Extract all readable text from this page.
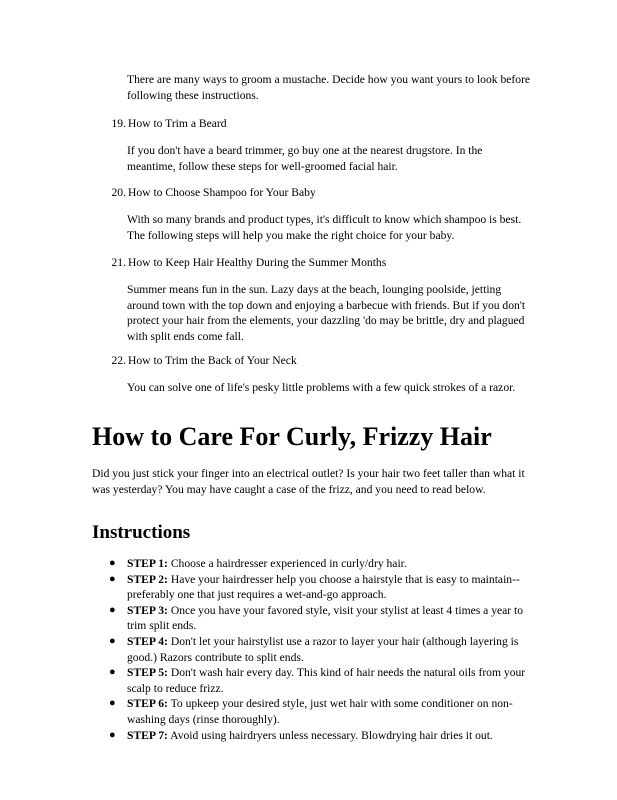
There are many ways to groom a mustache. Decide how you want yours to look before following these instructions.

19. How to Trim a Beard

If you don't have a beard trimmer, go buy one at the nearest drugstore. In the meantime, follow these steps for well-groomed facial hair.

20. How to Choose Shampoo for Your Baby

With so many brands and product types, it's difficult to know which shampoo is best. The following steps will help you make the right choice for your baby.

21. How to Keep Hair Healthy During the Summer Months

Summer means fun in the sun. Lazy days at the beach, lounging poolside, jetting around town with the top down and enjoying a barbecue with friends. But if you don't protect your hair from the elements, your dazzling 'do may be brittle, dry and plagued with split ends come fall.

22. How to Trim the Back of Your Neck

You can solve one of life's pesky little problems with a few quick strokes of a razor.

How to Care For Curly, Frizzy Hair

Did you just stick your finger into an electrical outlet? Is your hair two feet taller than what it was yesterday? You may have caught a case of the frizz, and you need to read below.

Instructions
● STEP 1: Choose a hairdresser experienced in curly/dry hair.
● STEP 2: Have your hairdresser help you choose a hairstyle that is easy to maintain--preferably one that just requires a wet-and-go approach.
● STEP 3: Once you have your favored style, visit your stylist at least 4 times a year to trim split ends.
● STEP 4: Don't let your hairstylist use a razor to layer your hair (although layering is good.) Razors contribute to split ends.
● STEP 5: Don't wash hair every day. This kind of hair needs the natural oils from your scalp to reduce frizz.
● STEP 6: To upkeep your desired style, just wet hair with some conditioner on non-washing days (rinse thoroughly).
● STEP 7: Avoid using hairdryers unless necessary. Blowdrying hair dries it out.
